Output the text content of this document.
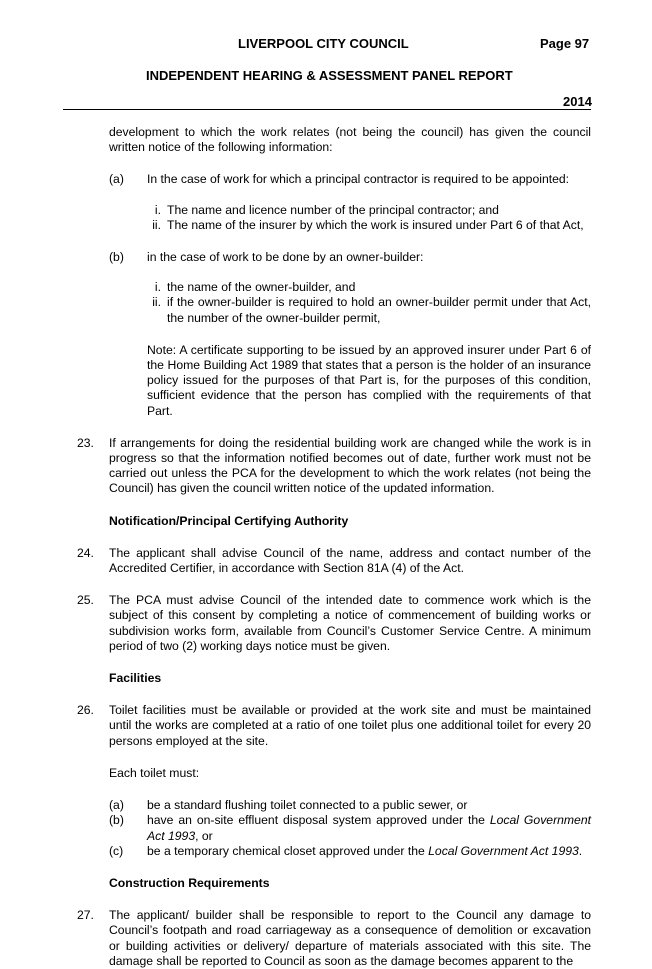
LIVERPOOL CITY COUNCIL	Page 97
INDEPENDENT HEARING & ASSESSMENT PANEL REPORT
2014

development to which the work relates (not being the council) has given the council written notice of the following information:

(a)	In the case of work for which a principal contractor is required to be appointed:
i. The name and licence number of the principal contractor; and
ii. The name of the insurer by which the work is insured under Part 6 of that Act,
(b)	in the case of work to be done by an owner-builder:
i. the name of the owner-builder, and
ii. if the owner-builder is required to hold an owner-builder permit under that Act, the number of the owner-builder permit,

Note: A certificate supporting to be issued by an approved insurer under Part 6 of the Home Building Act 1989 that states that a person is the holder of an insurance policy issued for the purposes of that Part is, for the purposes of this condition, sufficient evidence that the person has complied with the requirements of that Part.

23.	If arrangements for doing the residential building work are changed while the work is in progress so that the information notified becomes out of date, further work must not be carried out unless the PCA for the development to which the work relates (not being the Council) has given the council written notice of the updated information.
Notification/Principal Certifying Authority
24.	The applicant shall advise Council of the name, address and contact number of the Accredited Certifier, in accordance with Section 81A (4) of the Act.
25.	The PCA must advise Council of the intended date to commence work which is the subject of this consent by completing a notice of commencement of building works or subdivision works form, available from Council’s Customer Service Centre. A minimum period of two (2) working days notice must be given.
Facilities
26.	Toilet facilities must be available or provided at the work site and must be maintained until the works are completed at a ratio of one toilet plus one additional toilet for every 20 persons employed at the site.
Each toilet must:
(a)	be a standard flushing toilet connected to a public sewer, or
(b)	have an on-site effluent disposal system approved under the Local Government Act 1993, or
(c)	be a temporary chemical closet approved under the Local Government Act 1993.
Construction Requirements
27.	The applicant/ builder shall be responsible to report to the Council any damage to Council’s footpath and road carriageway as a consequence of demolition or excavation or building activities or delivery/ departure of materials associated with this site. The damage shall be reported to Council as soon as the damage becomes apparent to the
